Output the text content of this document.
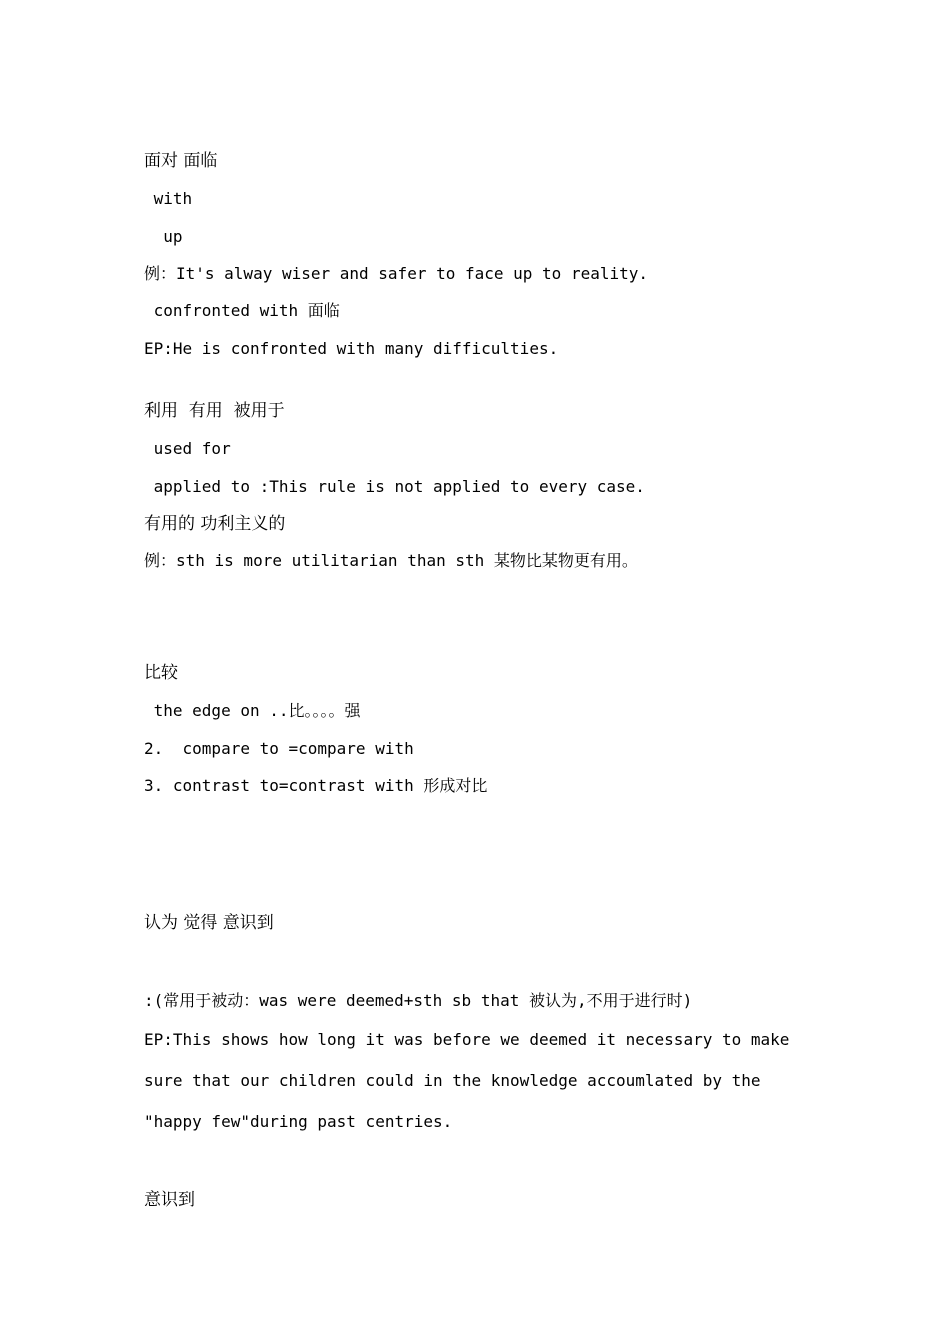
面对 面临

with

up

例：It's alway wiser and safer to face up to reality.

confronted with 面临

EP:He is confronted with many difficulties.

利用  有用  被用于

used for

applied to :This rule is not applied to every case.

有用的 功利主义的

例：sth is more utilitarian than sth 某物比某物更有用。

比较

the edge on ..比。。。。强

2.  compare to =compare with

3. contrast to=contrast with 形成对比

认为 觉得 意识到

:(常用于被动：was were deemed+sth sb that 被认为,不用于进行时)

EP:This shows how long it was before we deemed it necessary to make

sure that our children could in the knowledge accoumlated by the

"happy few"during past centries.

意识到
